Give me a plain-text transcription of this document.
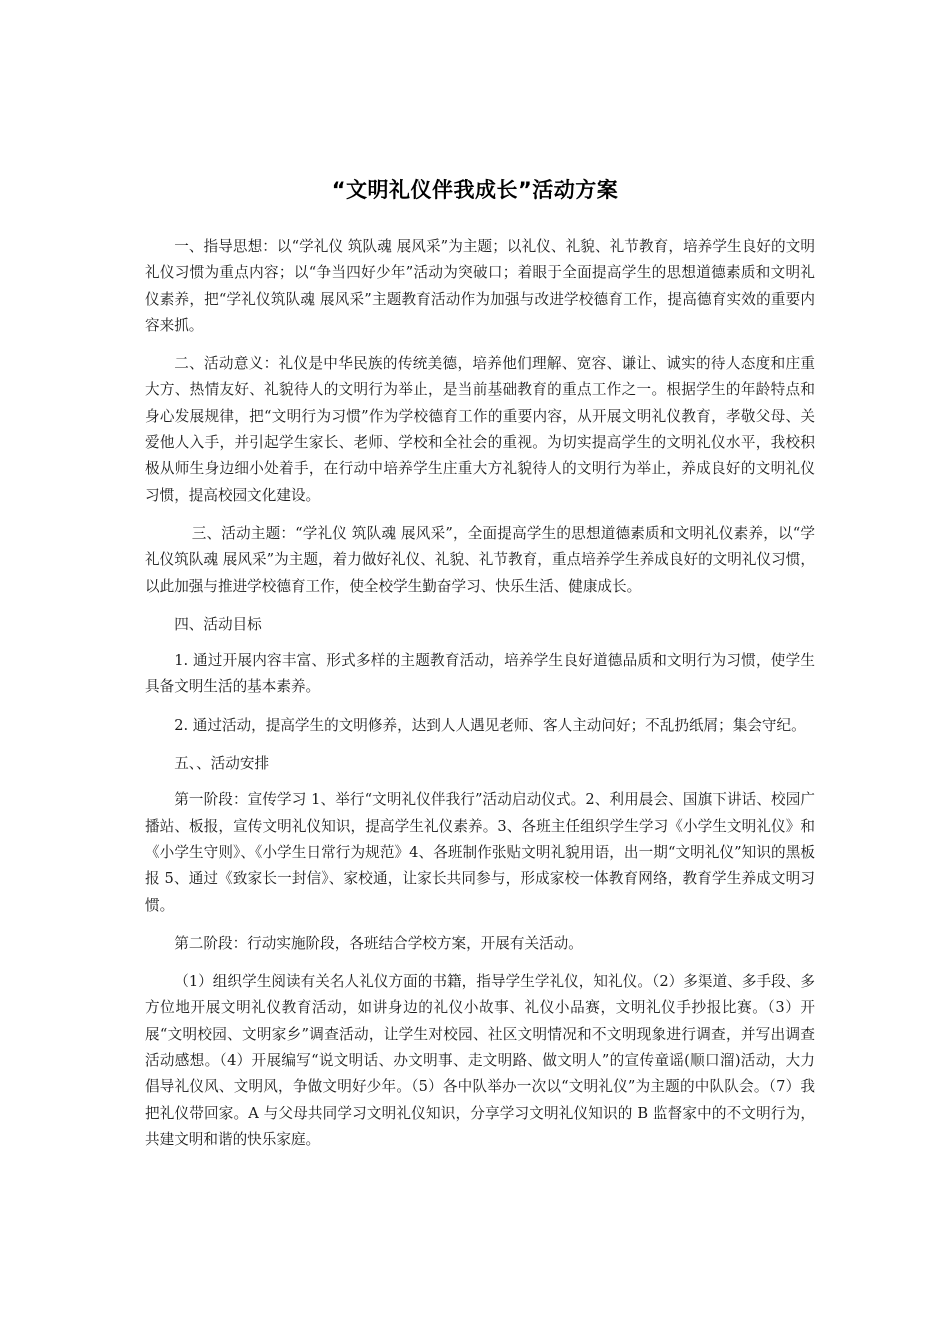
“文明礼仪伴我成长”活动方案

一、指导思想：以“学礼仪 筑队魂 展风采”为主题；以礼仪、礼貌、礼节教育，培养学生良好的文明礼仪习惯为重点内容；以“争当四好少年”活动为突破口；着眼于全面提高学生的思想道德素质和文明礼仪素养，把“学礼仪筑队魂 展风采”主题教育活动作为加强与改进学校德育工作，提高德育实效的重要内容来抓。

二、活动意义：礼仪是中华民族的传统美德，培养他们理解、宽容、谦让、诚实的待人态度和庄重大方、热情友好、礼貌待人的文明行为举止，是当前基础教育的重点工作之一。根据学生的年龄特点和身心发展规律，把“文明行为习惯”作为学校德育工作的重要内容，从开展文明礼仪教育，孝敬父母、关爱他人入手，并引起学生家长、老师、学校和全社会的重视。为切实提高学生的文明礼仪水平，我校积极从师生身边细小处着手，在行动中培养学生庄重大方礼貌待人的文明行为举止，养成良好的文明礼仪习惯，提高校园文化建设。

三、活动主题：“学礼仪 筑队魂 展风采”，全面提高学生的思想道德素质和文明礼仪素养，以“学礼仪筑队魂 展风采”为主题，着力做好礼仪、礼貌、礼节教育，重点培养学生养成良好的文明礼仪习惯，以此加强与推进学校德育工作，使全校学生勤奋学习、快乐生活、健康成长。

四、活动目标

1. 通过开展内容丰富、形式多样的主题教育活动，培养学生良好道德品质和文明行为习惯，使学生具备文明生活的基本素养。

2. 通过活动，提高学生的文明修养，达到人人遇见老师、客人主动问好；不乱扔纸屑；集会守纪。

五、、活动安排

第一阶段：宣传学习 1、举行“文明礼仪伴我行”活动启动仪式。2、利用晨会、国旗下讲话、校园广播站、板报，宣传文明礼仪知识，提高学生礼仪素养。3、各班主任组织学生学习《小学生文明礼仪》和《小学生守则》、《小学生日常行为规范》4、各班制作张贴文明礼貌用语，出一期“文明礼仪”知识的黑板报 5、通过《致家长一封信》、家校通，让家长共同参与，形成家校一体教育网络，教育学生养成文明习惯。

第二阶段：行动实施阶段，各班结合学校方案，开展有关活动。

（1）组织学生阅读有关名人礼仪方面的书籍，指导学生学礼仪，知礼仪。（2）多渠道、多手段、多方位地开展文明礼仪教育活动，如讲身边的礼仪小故事、礼仪小品赛，文明礼仪手抄报比赛。（3）开展“文明校园、文明家乡”调查活动，让学生对校园、社区文明情况和不文明现象进行调查，并写出调查活动感想。（4）开展编写“说文明话、办文明事、走文明路、做文明人”的宣传童谣(顺口溜)活动，大力倡导礼仪风、文明风，争做文明好少年。（5）各中队举办一次以“文明礼仪”为主题的中队队会。（7）我把礼仪带回家。A 与父母共同学习文明礼仪知识，分享学习文明礼仪知识的 B 监督家中的不文明行为，共建文明和谐的快乐家庭。
